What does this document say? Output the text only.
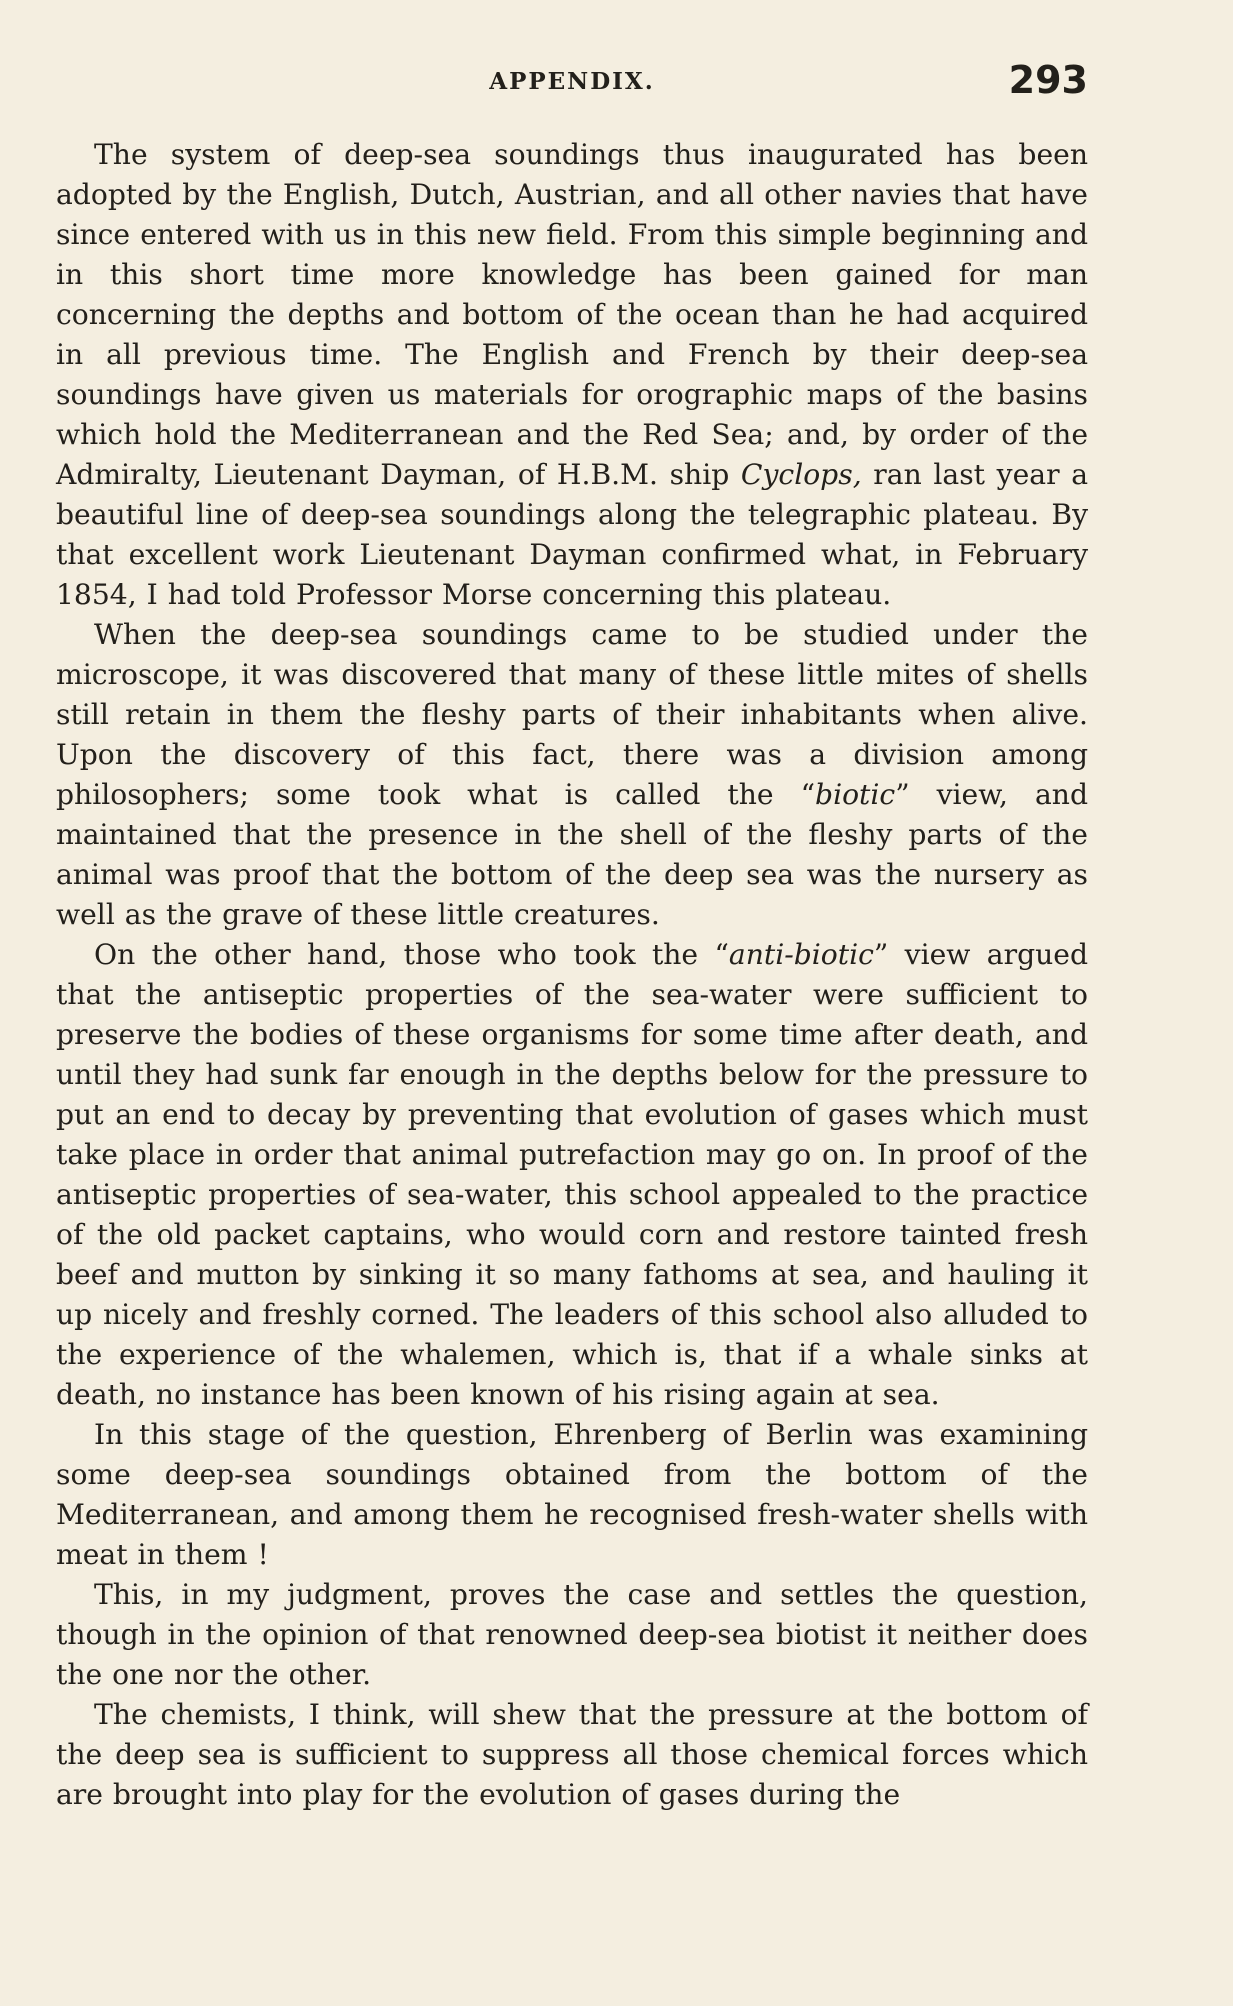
APPENDIX.	293

The system of deep-sea soundings thus inaugurated has been adopted by the English, Dutch, Austrian, and all other navies that have since entered with us in this new field. From this simple beginning and in this short time more knowledge has been gained for man concerning the depths and bottom of the ocean than he had acquired in all previous time. The English and French by their deep-sea soundings have given us materials for orographic maps of the basins which hold the Mediterranean and the Red Sea; and, by order of the Admiralty, Lieutenant Dayman, of H.B.M. ship Cyclops, ran last year a beautiful line of deep-sea soundings along the telegraphic plateau. By that excellent work Lieutenant Dayman confirmed what, in February 1854, I had told Professor Morse concerning this plateau.

When the deep-sea soundings came to be studied under the microscope, it was discovered that many of these little mites of shells still retain in them the fleshy parts of their inhabitants when alive. Upon the discovery of this fact, there was a division among philosophers; some took what is called the “biotic” view, and maintained that the presence in the shell of the fleshy parts of the animal was proof that the bottom of the deep sea was the nursery as well as the grave of these little creatures.

On the other hand, those who took the “anti-biotic” view argued that the antiseptic properties of the sea-water were sufficient to preserve the bodies of these organisms for some time after death, and until they had sunk far enough in the depths below for the pressure to put an end to decay by preventing that evolution of gases which must take place in order that animal putrefaction may go on. In proof of the antiseptic properties of sea-water, this school appealed to the practice of the old packet captains, who would corn and restore tainted fresh beef and mutton by sinking it so many fathoms at sea, and hauling it up nicely and freshly corned. The leaders of this school also alluded to the experience of the whalemen, which is, that if a whale sinks at death, no instance has been known of his rising again at sea.

In this stage of the question, Ehrenberg of Berlin was examining some deep-sea soundings obtained from the bottom of the Mediterranean, and among them he recognised fresh-water shells with meat in them !

This, in my judgment, proves the case and settles the question, though in the opinion of that renowned deep-sea biotist it neither does the one nor the other.

The chemists, I think, will shew that the pressure at the bottom of the deep sea is sufficient to suppress all those chemical forces which are brought into play for the evolution of gases during the
